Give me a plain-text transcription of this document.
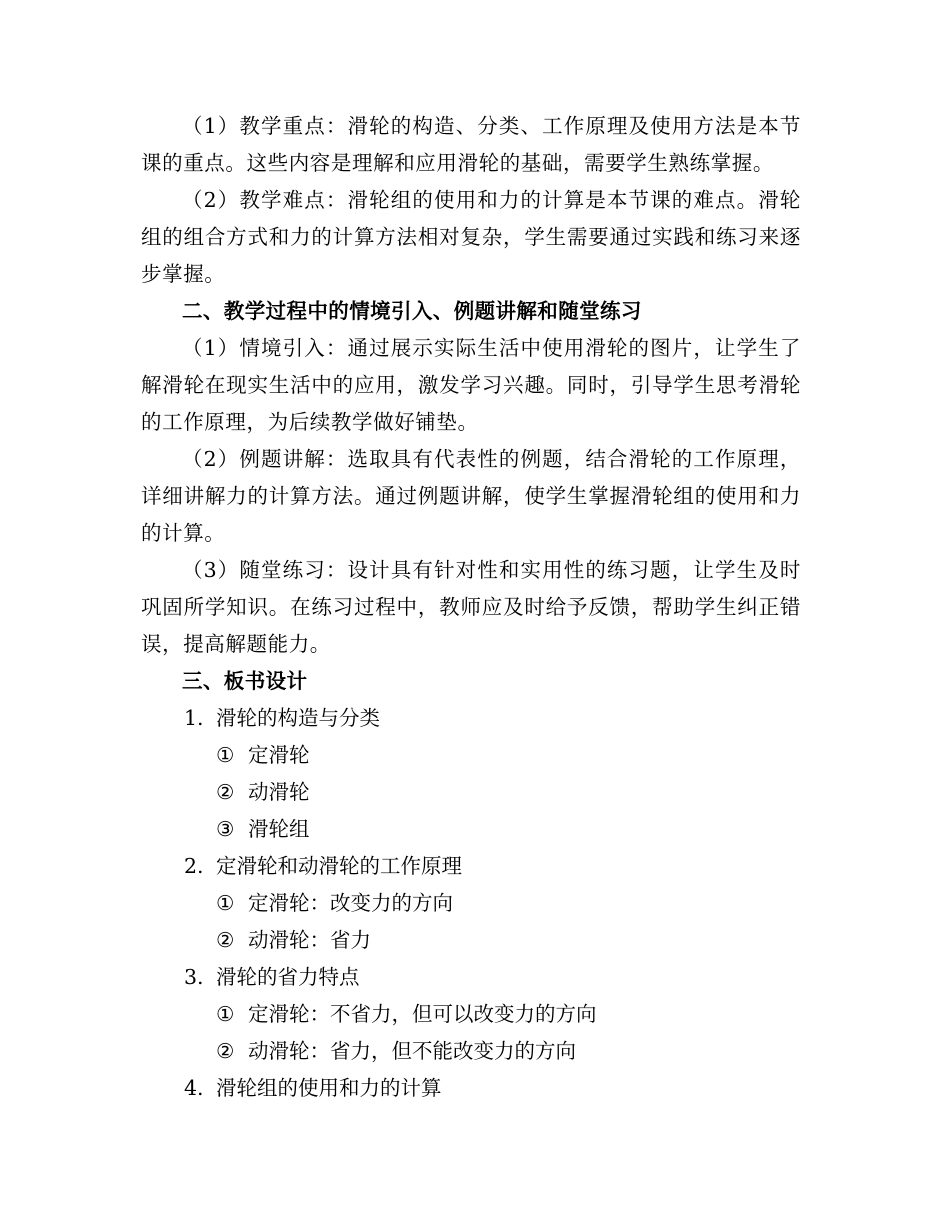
（1）教学重点：滑轮的构造、分类、工作原理及使用方法是本节课的重点。这些内容是理解和应用滑轮的基础，需要学生熟练掌握。

（2）教学难点：滑轮组的使用和力的计算是本节课的难点。滑轮组的组合方式和力的计算方法相对复杂，学生需要通过实践和练习来逐步掌握。

二、教学过程中的情境引入、例题讲解和随堂练习

（1）情境引入：通过展示实际生活中使用滑轮的图片，让学生了解滑轮在现实生活中的应用，激发学习兴趣。同时，引导学生思考滑轮的工作原理，为后续教学做好铺垫。

（2）例题讲解：选取具有代表性的例题，结合滑轮的工作原理，详细讲解力的计算方法。通过例题讲解，使学生掌握滑轮组的使用和力的计算。

（3）随堂练习：设计具有针对性和实用性的练习题，让学生及时巩固所学知识。在练习过程中，教师应及时给予反馈，帮助学生纠正错误，提高解题能力。

三、板书设计

1. 滑轮的构造与分类
① 定滑轮
② 动滑轮
③ 滑轮组
2. 定滑轮和动滑轮的工作原理
① 定滑轮：改变力的方向
② 动滑轮：省力
3. 滑轮的省力特点
① 定滑轮：不省力，但可以改变力的方向
② 动滑轮：省力，但不能改变力的方向
4. 滑轮组的使用和力的计算
